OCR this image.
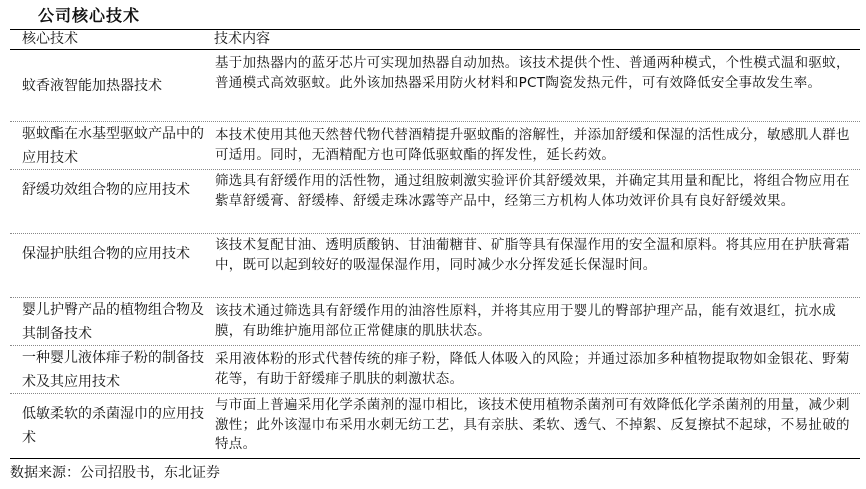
公司核心技术
核心技术	技术内容
蚊香液智能加热器技术
基于加热器内的蓝牙芯片可实现加热器自动加热。该技术提供个性、普通两种模式，个性模式温和驱蚊，普通模式高效驱蚊。此外该加热器采用防火材料和PCT陶瓷发热元件，可有效降低安全事故发生率。
驱蚊酯在水基型驱蚊产品中的应用技术
本技术使用其他天然替代物代替酒精提升驱蚊酯的溶解性，并添加舒缓和保湿的活性成分，敏感肌人群也可适用。同时，无酒精配方也可降低驱蚊酯的挥发性，延长药效。
舒缓功效组合物的应用技术
筛选具有舒缓作用的活性物，通过组胺刺激实验评价其舒缓效果，并确定其用量和配比，将组合物应用在紫草舒缓膏、舒缓棒、舒缓走珠冰露等产品中，经第三方机构人体功效评价具有良好舒缓效果。
保湿护肤组合物的应用技术
该技术复配甘油、透明质酸钠、甘油葡糖苷、矿脂等具有保湿作用的安全温和原料。将其应用在护肤膏霜中，既可以起到较好的吸湿保湿作用，同时减少水分挥发延长保湿时间。
婴儿护臀产品的植物组合物及其制备技术
该技术通过筛选具有舒缓作用的油溶性原料，并将其应用于婴儿的臀部护理产品，能有效退红，抗水成膜，有助维护施用部位正常健康的肌肤状态。
一种婴儿液体痱子粉的制备技术及其应用技术
采用液体粉的形式代替传统的痱子粉，降低人体吸入的风险；并通过添加多种植物提取物如金银花、野菊花等，有助于舒缓痱子肌肤的刺激状态。
低敏柔软的杀菌湿巾的应用技术
与市面上普遍采用化学杀菌剂的湿巾相比，该技术使用植物杀菌剂可有效降低化学杀菌剂的用量，减少刺激性；此外该湿巾布采用水刺无纺工艺，具有亲肤、柔软、透气、不掉絮、反复擦拭不起球，不易扯破的特点。
数据来源：公司招股书，东北证券
